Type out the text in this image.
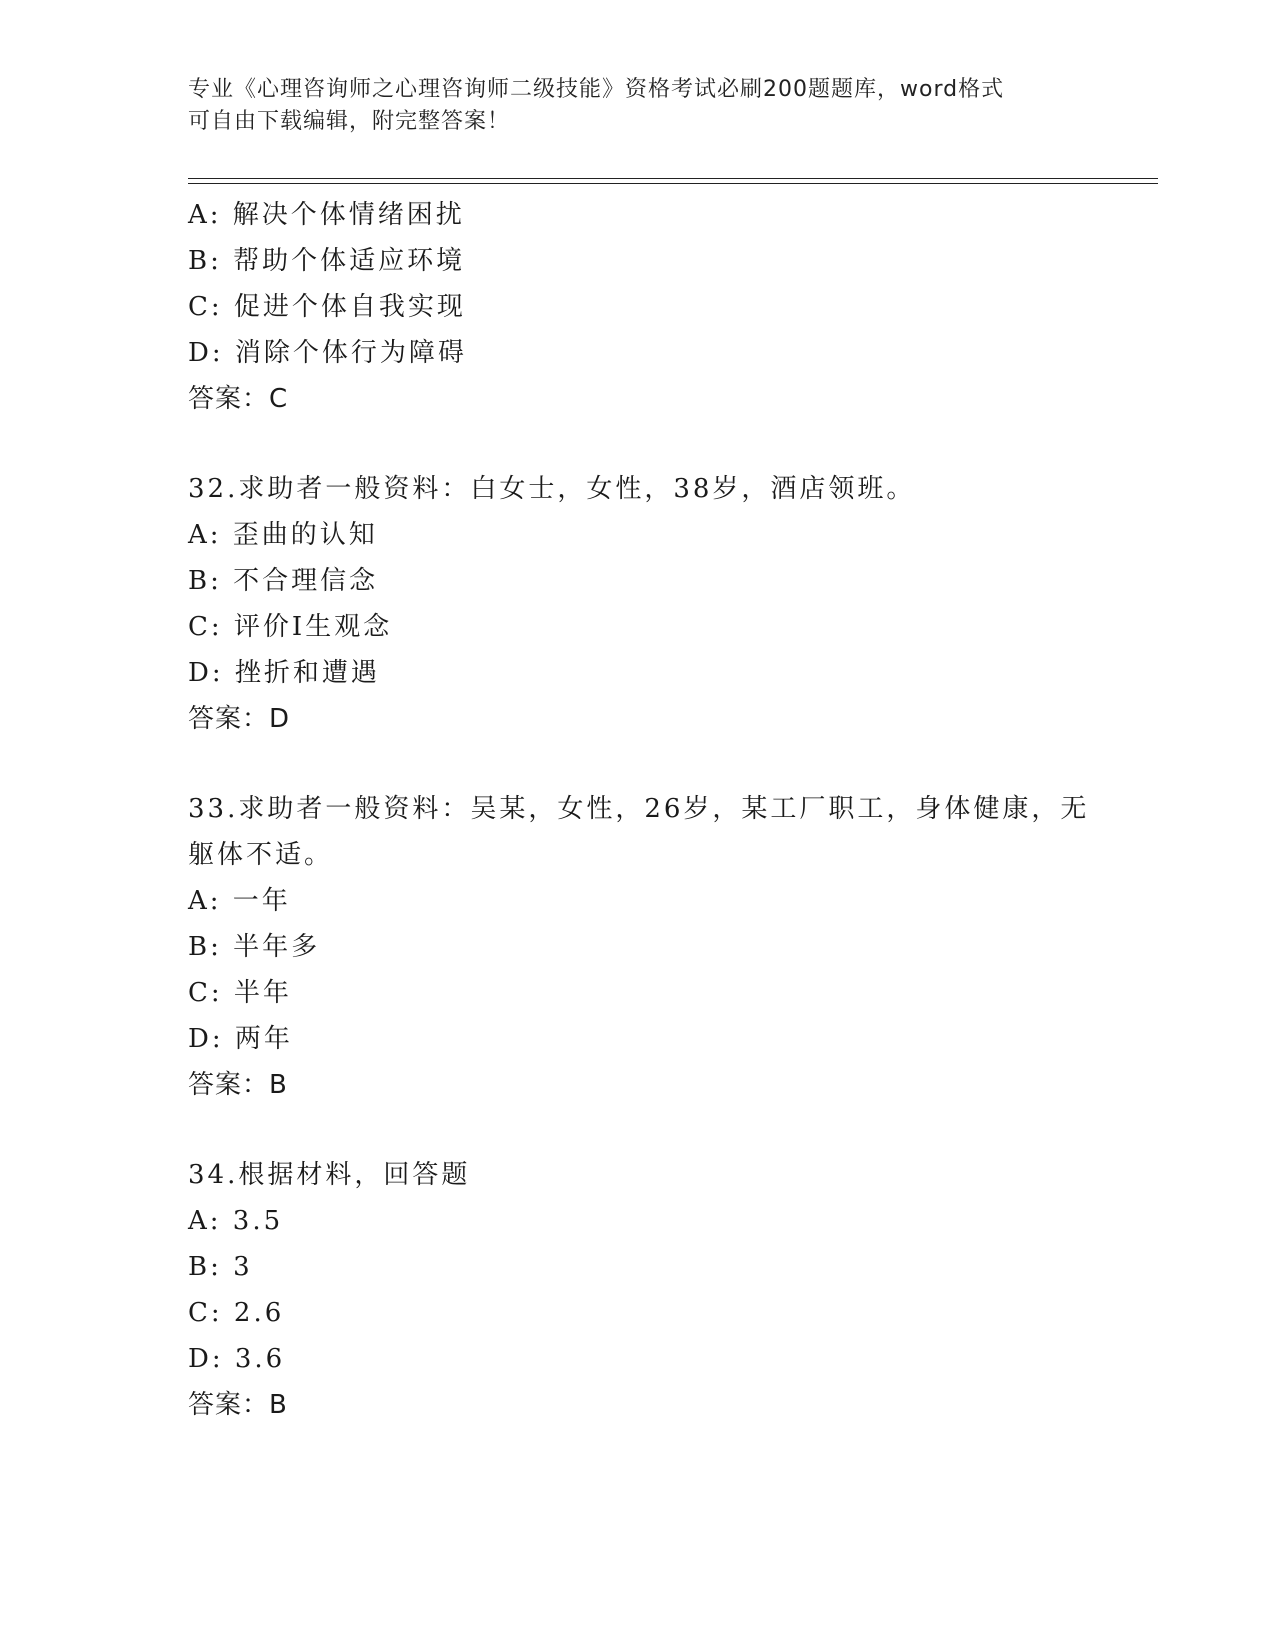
专业《心理咨询师之心理咨询师二级技能》资格考试必刷200题题库，word格式
可自由下载编辑，附完整答案！
A: 解决个体情绪困扰
B: 帮助个体适应环境
C: 促进个体自我实现
D: 消除个体行为障碍
答案：C
32.求助者一般资料：白女士，女性，38岁，酒店领班。
A: 歪曲的认知
B: 不合理信念
C: 评价I生观念
D: 挫折和遭遇
答案：D
33.求助者一般资料：吴某，女性，26岁，某工厂职工，身体健康，无
躯体不适。
A: 一年
B: 半年多
C: 半年
D: 两年
答案：B
34.根据材料，回答题
A: 3.5
B: 3
C: 2.6
D: 3.6
答案：B
